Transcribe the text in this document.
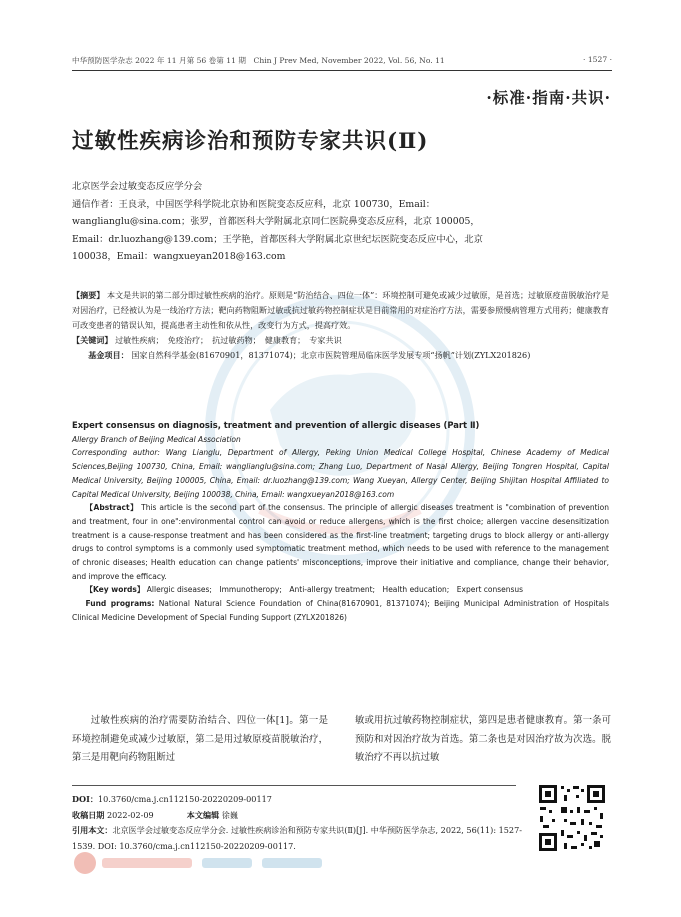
中华预防医学杂志 2022 年 11 月第 56 卷第 11 期　Chin J Prev Med, November 2022, Vol. 56, No. 11	· 1527 ·
·标准·指南·共识·
过敏性疾病诊治和预防专家共识(Ⅱ)
北京医学会过敏变态反应学分会
通信作者：王良录，中国医学科学院北京协和医院变态反应科，北京 100730，Email：wanglianglu@sina.com；张罗，首都医科大学附属北京同仁医院鼻变态反应科，北京 100005，Email：dr.luozhang@139.com；王学艳，首都医科大学附属北京世纪坛医院变态反应中心，北京 100038，Email：wangxueyan2018@163.com
【摘要】 本文是共识的第二部分即过敏性疾病的治疗。原则是“防治结合、四位一体”：环境控制可避免或减少过敏原，是首选；过敏原疫苗脱敏治疗是对因治疗，已经被认为是一线治疗方法；靶向药物阻断过敏或抗过敏药物控制症状是目前常用的对症治疗方法，需要参照慢病管理方式用药；健康教育可改变患者的错误认知，提高患者主动性和依从性，改变行为方式，提高疗效。
【关键词】 过敏性疾病；　免疫治疗；　抗过敏药物；　健康教育；　专家共识
基金项目： 国家自然科学基金(81670901，81371074)；北京市医院管理局临床医学发展专项“扬帆”计划(ZYLX201826)
Expert consensus on diagnosis, treatment and prevention of allergic diseases (Part Ⅱ)
Allergy Branch of Beijing Medical Association
Corresponding author: Wang Lianglu, Department of Allergy, Peking Union Medical College Hospital, Chinese Academy of Medical Sciences,Beijing 100730, China, Email: wanglianglu@sina.com; Zhang Luo, Department of Nasal Allergy, Beijing Tongren Hospital, Capital Medical University, Beijing 100005, China, Email: dr.luozhang@139.com; Wang Xueyan, Allergy Center, Beijing Shijitan Hospital Affiliated to Capital Medical University, Beijing 100038, China, Email: wangxueyan2018@163.com
【Abstract】 This article is the second part of the consensus. The principle of allergic diseases treatment is "combination of prevention and treatment, four in one":environmental control can avoid or reduce allergens, which is the first choice; allergen vaccine desensitization treatment is a cause-response treatment and has been considered as the first-line treatment; targeting drugs to block allergy or anti-allergy drugs to control symptoms is a commonly used symptomatic treatment method, which needs to be used with reference to the management of chronic diseases; Health education can change patients' misconceptions, improve their initiative and compliance, change their behavior, and improve the efficacy.
【Key words】 Allergic diseases;　Immunotheropy;　Anti-allergy treatment;　Health education;　Expert consensus
Fund programs: National Natural Science Foundation of China(81670901, 81371074); Beijing Municipal Administration of Hospitals Clinical Medicine Development of Special Funding Support (ZYLX201826)
过敏性疾病的治疗需要防治结合、四位一体[1]。第一是环境控制避免或减少过敏原，第二是用过敏原疫苗脱敏治疗，第三是用靶向药物阻断过
敏或用抗过敏药物控制症状，第四是患者健康教育。第一条可预防和对因治疗故为首选。第二条也是对因治疗故为次选。脱敏治疗不再以抗过敏
DOI：10.3760/cma.j.cn112150-20220209-00117
收稿日期 2022-02-09	本文编辑 徐巍
引用本文：北京医学会过敏变态反应学分会. 过敏性疾病诊治和预防专家共识(Ⅱ)[J]. 中华预防医学杂志, 2022, 56(11): 1527-1539. DOI: 10.3760/cma.j.cn112150-20220209-00117.
